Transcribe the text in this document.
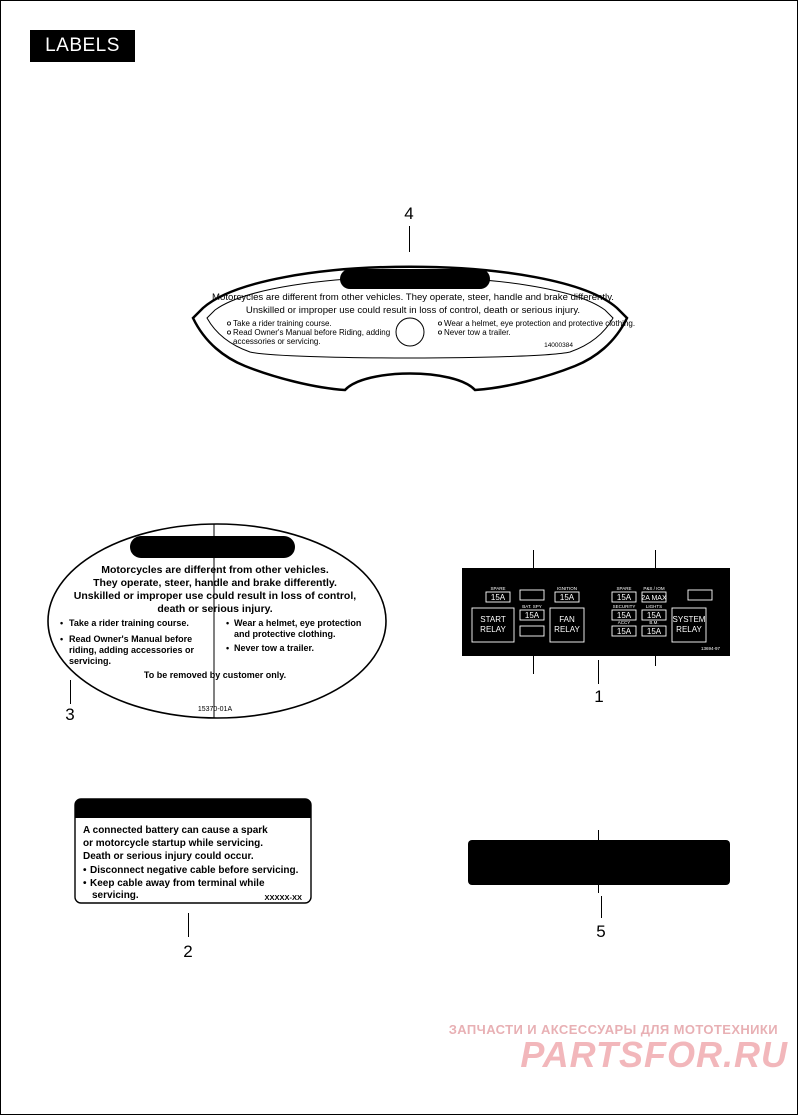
LABELS
4
Motorcycles are different from other vehicles. They operate, steer, handle and brake differently.
Unskilled or improper use could result in loss of control, death or serious injury.
Take a rider training course.
Read Owner's Manual before Riding, adding
accessories or servicing.
Wear a helmet, eye protection and protective clothing.
Never tow a trailer.
14000384
Motorcycles are different from other vehicles.
They operate, steer, handle and brake differently.
Unskilled or improper use could result in loss of control,
death or serious injury.
• Take a rider training course.
• Read Owner's Manual before
riding, adding accessories or
servicing.
• Wear a helmet, eye protection
and protective clothing.
• Never tow a trailer.
To be removed by customer only.
15370-01A
3
SPARE
15A
BAT. SPY
15A
IGNITION
15A
SPARE
15A
SECURITY
15A
ACCY
15A
P&S / IOM
2A MAX
LIGHTS
15A
B.M.
15A
START
RELAY
FAN
RELAY
SYSTEM
RELAY
13694-97
1
A connected battery can cause a spark
or motorcycle startup while servicing.
Death or serious injury could occur.
• Disconnect negative cable before servicing.
• Keep cable away from terminal while
servicing.	XXXXX-XX
2
5
ЗАПЧАСТИ И АКСЕССУАРЫ ДЛЯ МОТОТЕХНИКИ
PARTSFOR.RU
